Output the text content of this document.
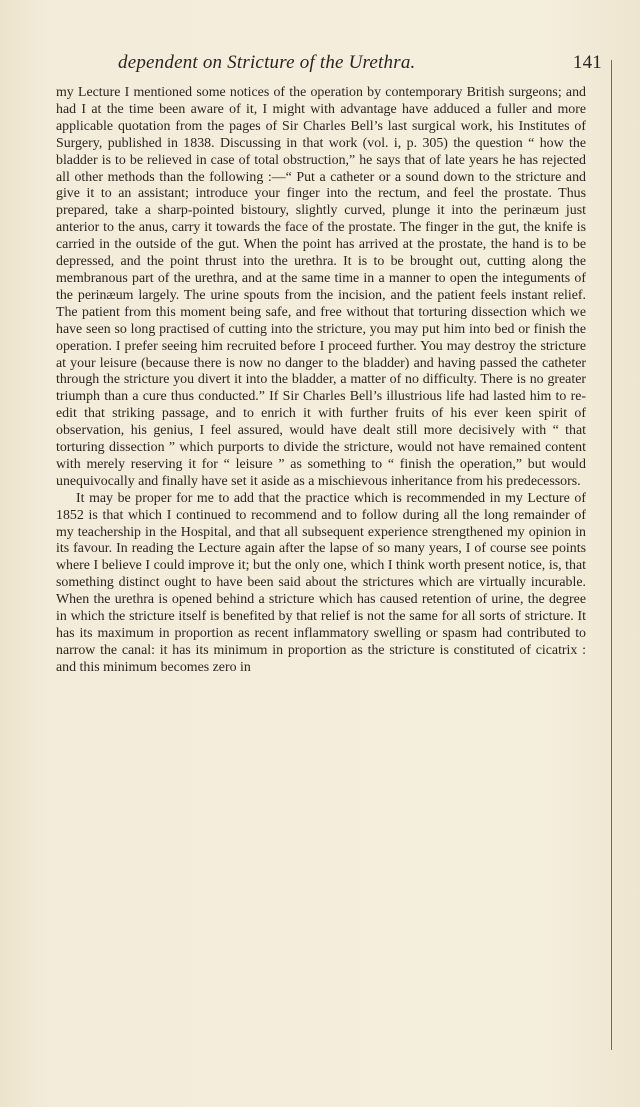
dependent on Stricture of the Urethra.	141

my Lecture I mentioned some notices of the operation by contemporary British surgeons; and had I at the time been aware of it, I might with advantage have adduced a fuller and more applicable quotation from the pages of Sir Charles Bell’s last surgical work, his Institutes of Surgery, published in 1838. Discussing in that work (vol. i, p. 305) the question “ how the bladder is to be relieved in case of total obstruction,” he says that of late years he has rejected all other methods than the following :—“ Put a catheter or a sound down to the stricture and give it to an assistant; introduce your finger into the rectum, and feel the prostate. Thus prepared, take a sharp-pointed bistoury, slightly curved, plunge it into the perinæum just anterior to the anus, carry it towards the face of the prostate. The finger in the gut, the knife is carried in the outside of the gut. When the point has arrived at the prostate, the hand is to be depressed, and the point thrust into the urethra. It is to be brought out, cutting along the membranous part of the urethra, and at the same time in a manner to open the integuments of the perinæum largely. The urine spouts from the incision, and the patient feels instant relief. The patient from this moment being safe, and free without that torturing dissection which we have seen so long practised of cutting into the stricture, you may put him into bed or finish the operation. I prefer seeing him recruited before I proceed further. You may destroy the stricture at your leisure (because there is now no danger to the bladder) and having passed the catheter through the stricture you divert it into the bladder, a matter of no difficulty. There is no greater triumph than a cure thus conducted.” If Sir Charles Bell’s illustrious life had lasted him to re-edit that striking passage, and to enrich it with further fruits of his ever keen spirit of observation, his genius, I feel assured, would have dealt still more decisively with “ that torturing dissection ” which purports to divide the stricture, would not have remained content with merely reserving it for “ leisure ” as something to “ finish the operation,” but would unequivocally and finally have set it aside as a mischievous inheritance from his predecessors.

It may be proper for me to add that the practice which is recommended in my Lecture of 1852 is that which I continued to recommend and to follow during all the long remainder of my teachership in the Hospital, and that all subsequent experience strengthened my opinion in its favour. In reading the Lecture again after the lapse of so many years, I of course see points where I believe I could improve it; but the only one, which I think worth present notice, is, that something distinct ought to have been said about the strictures which are virtually incurable. When the urethra is opened behind a stricture which has caused retention of urine, the degree in which the stricture itself is benefited by that relief is not the same for all sorts of stricture. It has its maximum in proportion as recent inflammatory swelling or spasm had contributed to narrow the canal: it has its minimum in proportion as the stricture is constituted of cicatrix : and this minimum becomes zero in
